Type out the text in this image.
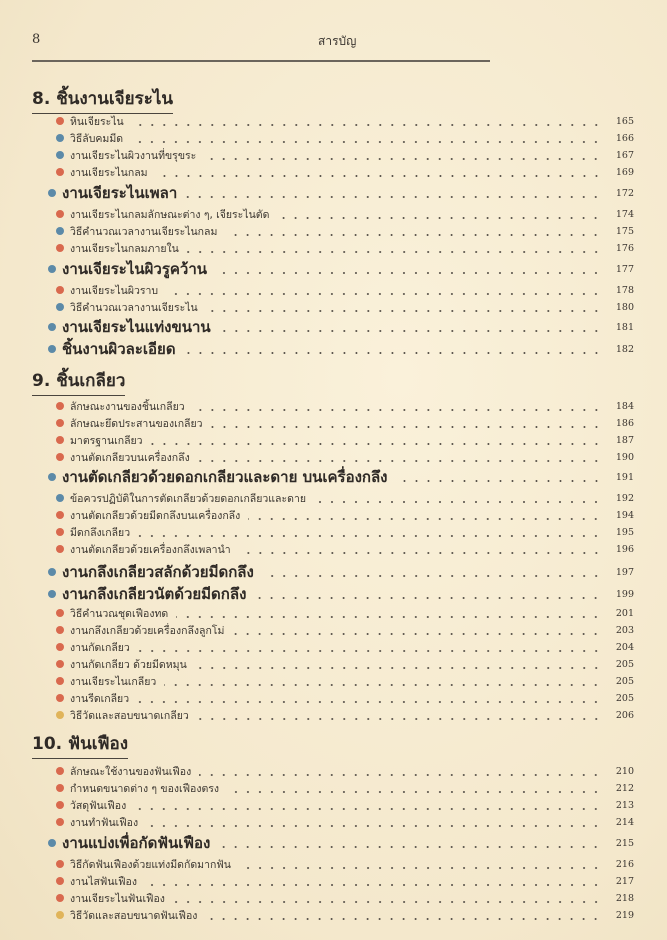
8	สารบัญ
8. ชิ้นงานเจียระไน
หินเจียระไน	165
วิธีลับคมมีด	166
งานเจียระไนผิวงานที่ขรุขระ	167
งานเจียระไนกลม	169
งานเจียระไนเพลา	172
งานเจียระไนกลมลักษณะต่าง ๆ, เจียระไนตัด	174
วิธีคำนวณเวลางานเจียระไนกลม	175
งานเจียระไนกลมภายใน	176
งานเจียระไนผิวรูคว้าน	177
งานเจียระไนผิวราบ	178
วิธีคำนวณเวลางานเจียระไน	180
งานเจียระไนแท่งขนาน	181
ชิ้นงานผิวละเอียด	182
9. ชิ้นเกลียว
ลักษณะงานของชิ้นเกลียว	184
ลักษณะยึดประสานของเกลียว	186
มาตรฐานเกลียว	187
งานตัดเกลียวบนเครื่องกลึง	190
งานตัดเกลียวด้วยดอกเกลียวและดาย บนเครื่องกลึง	191
ข้อควรปฏิบัติในการตัดเกลียวด้วยดอกเกลียวและดาย	192
งานตัดเกลียวด้วยมีดกลึงบนเครื่องกลึง	194
มีดกลึงเกลียว	195
งานตัดเกลียวด้วยเครื่องกลึงเพลานำ	196
งานกลึงเกลียวสลักด้วยมีดกลึง	197
งานกลึงเกลียวนัตด้วยมีดกลึง	199
วิธีคำนวณชุดเฟืองทด	201
งานกลึงเกลียวด้วยเครื่องกลึงลูกโม่	203
งานกัดเกลียว	204
งานกัดเกลียว ด้วยมีดหมุน	205
งานเจียระไนเกลียว	205
งานรีดเกลียว	205
วิธีวัดและสอบขนาดเกลียว	206
10. ฟันเฟือง
ลักษณะใช้งานของฟันเฟือง	210
กำหนดขนาดต่าง ๆ ของเฟืองตรง	212
วัสดุฟันเฟือง	213
งานทำฟันเฟือง	214
งานแบ่งเพื่อกัดฟันเฟือง	215
วิธีกัดฟันเฟืองด้วยแท่งมีดกัดมากฟัน	216
งานไสฟันเฟือง	217
งานเจียระไนฟันเฟือง	218
วิธีวัดและสอบขนาดฟันเฟือง	219
